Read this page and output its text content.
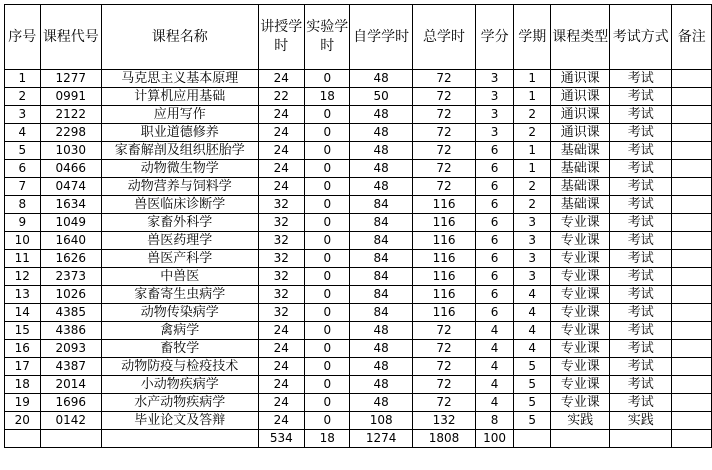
序号	课程代号	课程名称	讲授学时	实验学时	自学学时	总学时	学分	学期	课程类型	考试方式	备注
1	1277	马克思主义基本原理	24	0	48	72	3	1	通识课	考试	
2	0991	计算机应用基础	22	18	50	72	3	1	通识课	考试	
3	2122	应用写作	24	0	48	72	3	2	通识课	考试	
4	2298	职业道德修养	24	0	48	72	3	2	通识课	考试	
5	1030	家畜解剖及组织胚胎学	24	0	48	72	6	1	基础课	考试	
6	0466	动物微生物学	24	0	48	72	6	1	基础课	考试	
7	0474	动物营养与饲料学	24	0	48	72	6	2	基础课	考试	
8	1634	兽医临床诊断学	32	0	84	116	6	2	基础课	考试	
9	1049	家畜外科学	32	0	84	116	6	3	专业课	考试	
10	1640	兽医药理学	32	0	84	116	6	3	专业课	考试	
11	1626	兽医产科学	32	0	84	116	6	3	专业课	考试	
12	2373	中兽医	32	0	84	116	6	3	专业课	考试	
13	1026	家畜寄生虫病学	32	0	84	116	6	4	专业课	考试	
14	4385	动物传染病学	32	0	84	116	6	4	专业课	考试	
15	4386	禽病学	24	0	48	72	4	4	专业课	考试	
16	2093	畜牧学	24	0	48	72	4	4	专业课	考试	
17	4387	动物防疫与检疫技术	24	0	48	72	4	5	专业课	考试	
18	2014	小动物疾病学	24	0	48	72	4	5	专业课	考试	
19	1696	水产动物疾病学	24	0	48	72	4	5	专业课	考试	
20	0142	毕业论文及答辩	24	0	108	132	8	5	实践	实践	
			534	18	1274	1808	100				
